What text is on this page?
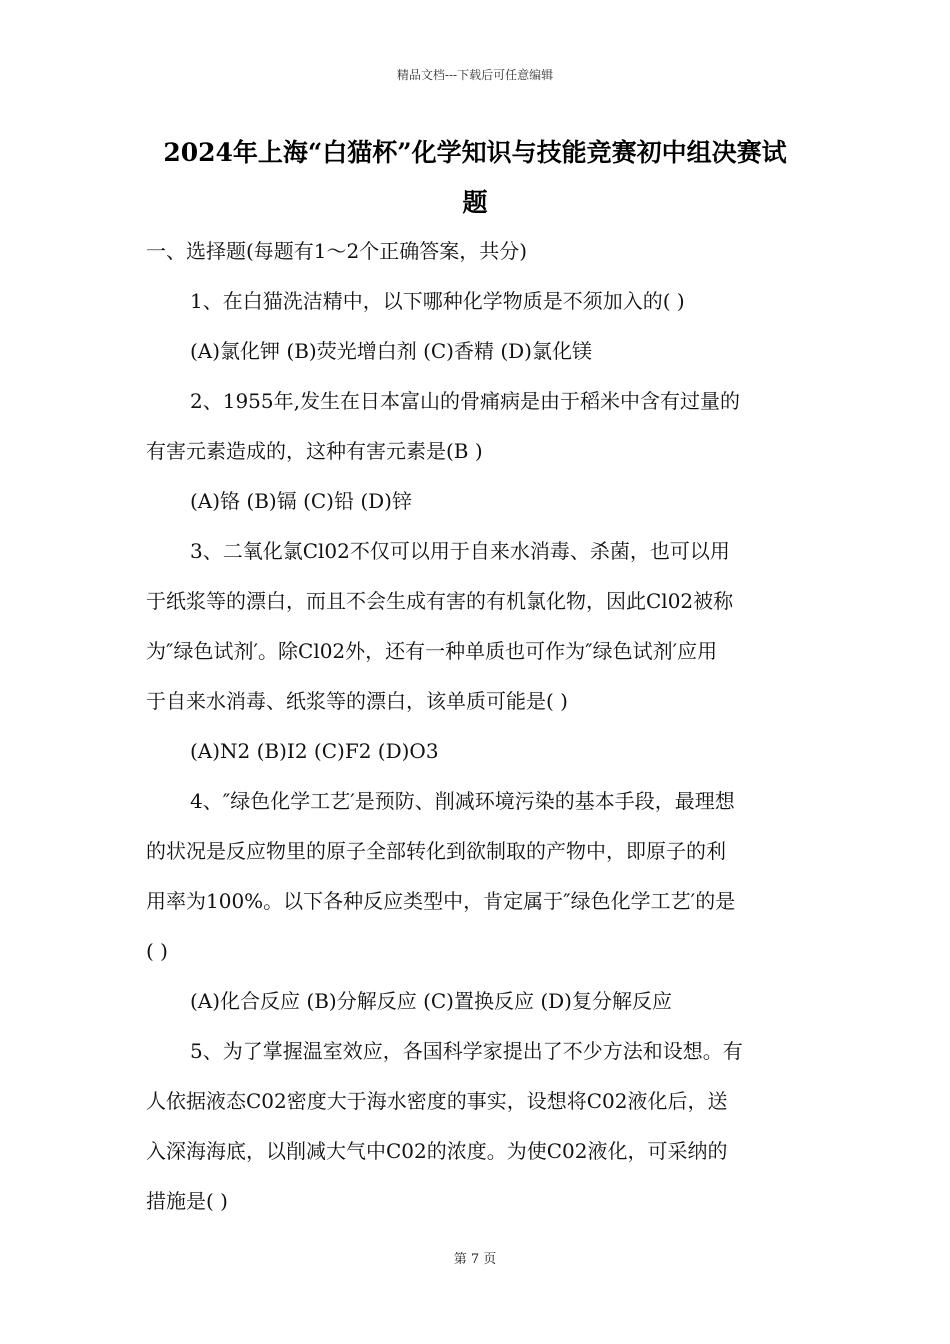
精品文档---下载后可任意编辑
2024年上海“白猫杯”化学知识与技能竞赛初中组决赛试
题
一、选择题(每题有1～2个正确答案，共分)
1、在白猫洗洁精中，以下哪种化学物质是不须加入的( )
(A)氯化钾 (B)荧光增白剂 (C)香精 (D)氯化镁
2、1955年,发生在日本富山的骨痛病是由于稻米中含有过量的
有害元素造成的，这种有害元素是(B )
(A)铬 (B)镉 (C)铅 (D)锌
3、二氧化氯Cl02不仅可以用于自来水消毒、杀菌，也可以用
于纸浆等的漂白，而且不会生成有害的有机氯化物，因此Cl02被称
为″绿色试剂′。除Cl02外，还有一种单质也可作为″绿色试剂′应用
于自来水消毒、纸浆等的漂白，该单质可能是( )
(A)N2 (B)I2 (C)F2 (D)O3
4、″绿色化学工艺′是预防、削减环境污染的基本手段，最理想
的状况是反应物里的原子全部转化到欲制取的产物中，即原子的利
用率为100%。以下各种反应类型中，肯定属于″绿色化学工艺′的是
( )
(A)化合反应 (B)分解反应 (C)置换反应 (D)复分解反应
5、为了掌握温室效应，各国科学家提出了不少方法和设想。有
人依据液态C02密度大于海水密度的事实，设想将C02液化后，送
入深海海底，以削减大气中C02的浓度。为使C02液化，可采纳的
措施是( )
第 7 页
